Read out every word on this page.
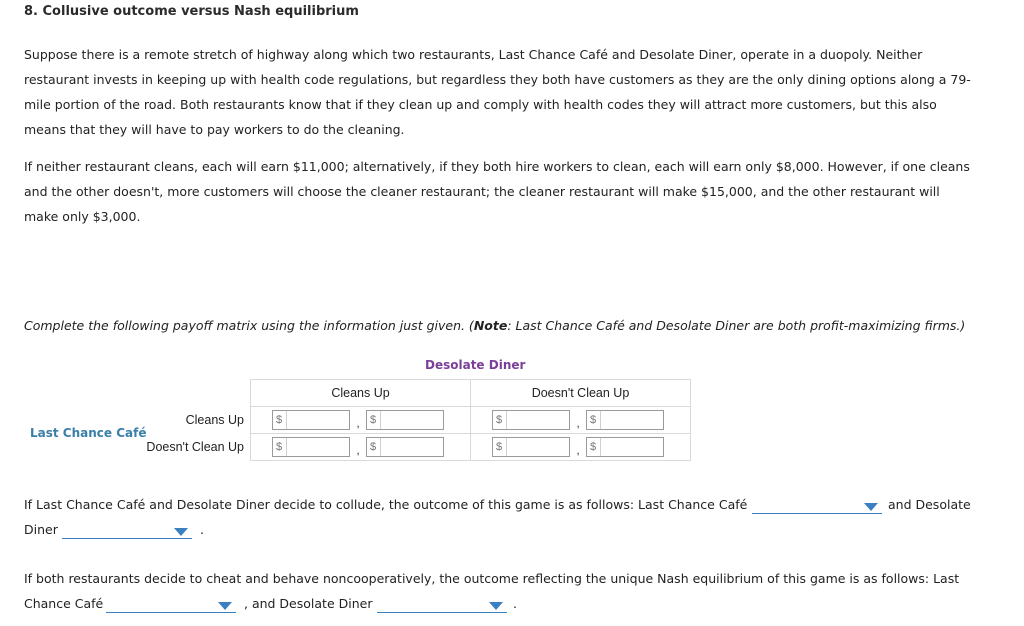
8. Collusive outcome versus Nash equilibrium
Suppose there is a remote stretch of highway along which two restaurants, Last Chance Café and Desolate Diner, operate in a duopoly. Neither
restaurant invests in keeping up with health code regulations, but regardless they both have customers as they are the only dining options along a 79-
mile portion of the road. Both restaurants know that if they clean up and comply with health codes they will attract more customers, but this also
means that they will have to pay workers to do the cleaning.
If neither restaurant cleans, each will earn $11,000; alternatively, if they both hire workers to clean, each will earn only $8,000. However, if one cleans
and the other doesn't, more customers will choose the cleaner restaurant; the cleaner restaurant will make $15,000, and the other restaurant will
make only $3,000.
Complete the following payoff matrix using the information just given. (Note: Last Chance Café and Desolate Diner are both profit-maximizing firms.)
Desolate Diner
Last Chance Café
	Cleans Up	Doesn't Clean Up
Cleans Up	$ , $	$ , $

Doesn't Clean Up	$ , $	$ , $
If Last Chance Café and Desolate Diner decide to collude, the outcome of this game is as follows: Last Chance Café	and Desolate
Diner	.
If both restaurants decide to cheat and behave noncooperatively, the outcome reflecting the unique Nash equilibrium of this game is as follows: Last
Chance Café	, and Desolate Diner	.
